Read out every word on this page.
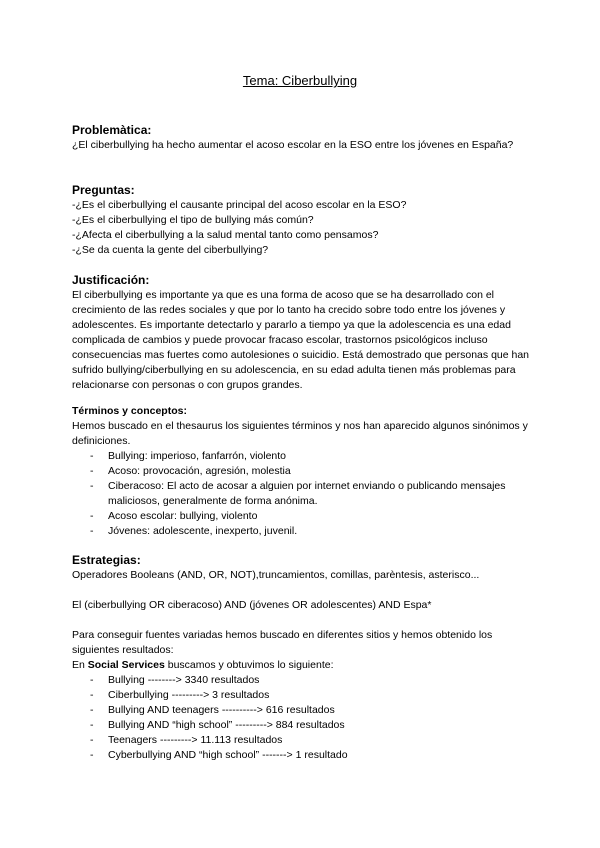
Tema: Ciberbullying
Problemàtica:

¿El ciberbullying ha hecho aumentar el acoso escolar en la ESO entre los jóvenes en España?

Preguntas:

-¿Es el ciberbullying el causante principal del acoso escolar en la ESO?

-¿Es el ciberbullying el tipo de bullying más común?

-¿Afecta el ciberbullying a la salud mental tanto como pensamos?

-¿Se da cuenta la gente del ciberbullying?

Justificación:

El ciberbullying es importante ya que es una forma de acoso que se ha desarrollado con el crecimiento de las redes sociales y que por lo tanto ha crecido sobre todo entre los jóvenes y adolescentes. Es importante detectarlo y pararlo a tiempo ya que la adolescencia es una edad complicada de cambios y puede provocar fracaso escolar, trastornos psicológicos incluso consecuencias mas fuertes como autolesiones o suicidio. Está demostrado que personas que han sufrido bullying/ciberbullying en su adolescencia, en su edad adulta tienen más problemas para relacionarse con personas o con grupos grandes.

Términos y conceptos:

Hemos buscado en el thesaurus los siguientes términos y nos han aparecido algunos sinónimos y definiciones.

- Bullying: imperioso, fanfarrón, violento
- Acoso: provocación, agresión, molestia
- Ciberacoso: El acto de acosar a alguien por internet enviando o publicando mensajes maliciosos, generalmente de forma anónima.
- Acoso escolar: bullying, violento
- Jóvenes: adolescente, inexperto, juvenil.
Estrategias:

Operadores Booleans (AND, OR, NOT),truncamientos, comillas, parèntesis, asterisco...

El (ciberbullying OR ciberacoso) AND (jóvenes OR adolescentes) AND Espa*

Para conseguir fuentes variadas hemos buscado en diferentes sitios y hemos obtenido los siguientes resultados:

En Social Services buscamos y obtuvimos lo siguiente:

- Bullying --------> 3340 resultados
- Ciberbullying ---------> 3 resultados
- Bullying AND teenagers ----------> 616 resultados
- Bullying AND “high school” ---------> 884 resultados
- Teenagers ---------> 11.113 resultados
- Cyberbullying AND “high school” -------> 1 resultado
